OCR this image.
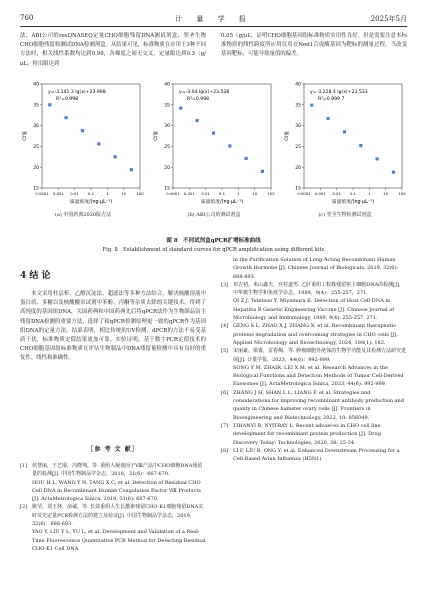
760	计 量 学 报	2025年5月

法、ABI公司的resDNASEQ定量CHO细胞残留DNA测试剂盒、翌圣生物CHO细胞残留检测试DNA检测剂盒。从结果可见，标准物质在应用于3种不同方法时，相关线性系数均达到0.99，各梯度之间无交叉，定量限达到0.3（g/μL，检出限达到

0.05（g/μL，证明CHO细胞基因组标准物质实用性良好。但是需要注意本标准物质的线性跨度所应用仅用在Nod1合成酶基因为靶标的测量过程，当改变基因靶标，可能导致量值的偏差。

15
20
25
30
35
40
0.0001 0.001 0.01 0.1	1	10	100
y=-3.141 3 lg(x)+23.998
R²=0.998
Ct值
质量浓度/(ng·μL⁻¹)
(a) 中国药典2020版方法
15
20
25
30
35
40
0.0001 0.001 0.01 0.1	1	10	100
y=-3.04 lg(x)+23.528
R²=0.998
Ct值
质量浓度/(ng·μL⁻¹)
(b) ABI公司的测试剂盒
15
20
25
30
35
40
0.0001 0.001 0.01 0.1	1	10	100
y=-3.228 4 lg(x)+23.533
R²=0.999 7
Ct值
质量浓度/(ng·μL⁻¹)
(c) 翌圣生物检测试剂盒
图 8　不同试剂盒qPCR扩增标准曲线
Fig. 8　Establishment of standard curves for qPCR amplification using different kits
4 结 论

本文采用柱层析、乙醇沉淀法、超滤法等多种方法结合，解决核酸溶液中蛋白质、多糖以及核酸酸泵试剂中苯酚、丙酮等杂质去除的关键技术，得到了高纯度的基因组DNA，关国药典和中国药典先后将qPCR法作为生物制品宿主残留DNA检测的重要方法，选择了和qPCR检测原理更一致的qPCR作为基因组DNA的定量方法。结果表明，相比传统的UV检测，dPCR的方法不易受基质干扰，标准物质定值结果更加可靠。实验证明，基于数字PCR定值技术的CHO细胞基因组标准物质在评估生物制品中DNA残留量检测中具有良好的重复性、线性和准确性。

［参 考 文 献］

[1] 侯慧丽，王艺琨，冯晓翔，等. 重组人凝血因子Ⅷ产品中CHO细胞DNA残留量的检测[J]. 中国生物制品学杂志，2018，31(6)：667-670.

HOU H L, WANG Y N, TANG X C, et al. Detection of Residual CHO Cell DNA in Recombinant Human Coagulation Factor Ⅷ Products [J]. ActaMetrologica Sinica, 2018, 31(6): 667-670.

[2] 姚莹，刘玉林，俞诚，等. 长效重组人生长激素残留CHO-K1细胞残留DNA实时荧光定量PCR检测方法的建立及验证[J]. 中国生物制品学杂志，2019，32(6)：688-693.

YAO Y, LIU Y L, YU L, et al. Development and Validation of a Real-Time Fluorescence Quantitative PCR Method for Detecting Residual CHO-K1 Cell DNA

in the Purification Solution of Long-Acting Recombinant Human Growth Hormone [J]. Chinese Journal of Biologicals, 2019, 32(6): 688-693.

[3] 祁吉初，米山鑫夫，宫村道男. 乙肝重组工程株残留宿主细胞DNA的检测[J]. 中华微生物学和免疫学杂志，1989，9(4)：255-257，271.

QI Z J, Tetetsuo Y, Miyamura K. Detection of Host Cell DNA in Hepatitis B Genetic Engineering Vaccine [J]. Chinese Journal of Microbiology and Immunology, 1989, 9(4): 255-257, 271.

[4] GENG S L, ZHAO X J, ZHANG X, et al. Recombinant therapeutic proteins degradation and overcoming strategies in CHO cells [J]. Applied Microbiology and Biotechnology, 2024, 108(1): 182.

[5] 宋丽豪，梁睿，雷春梅，等. 肿瘤细胞外泌体的生物学功能及其检测方法研究进展[J]. 计量学报，2023，44(6)：992-999.

SONG Y M, ZHAIR, LEI X M, et al. Research Advances in the Biological Functions and Detection Methods of Tumor Cell-Derived Exosomes [J]. ActaMetrologica Sinica, 2023, 44(6): 992-999.

[6] ZHANG J H, SHAN L L, LIANG F, et al. Strategies and considerations for improving recombinant antibody production and quality in Chinese hamster ovary cells [J]. Frontiers in Bioengineering and Biotechnology, 2022, 10: 856049.

[7] TIHANYI B, NYITRAY L. Recent advances in CHO cell line development for recombinant protein production [J]. Drug Discovery Today: Technologies, 2020, 38: 25-34.

[8] LI F, LIU B, ONG Y, et al. Enhanced Downstream Processing for a Cell-Based Avian Influenza (H5N1)
